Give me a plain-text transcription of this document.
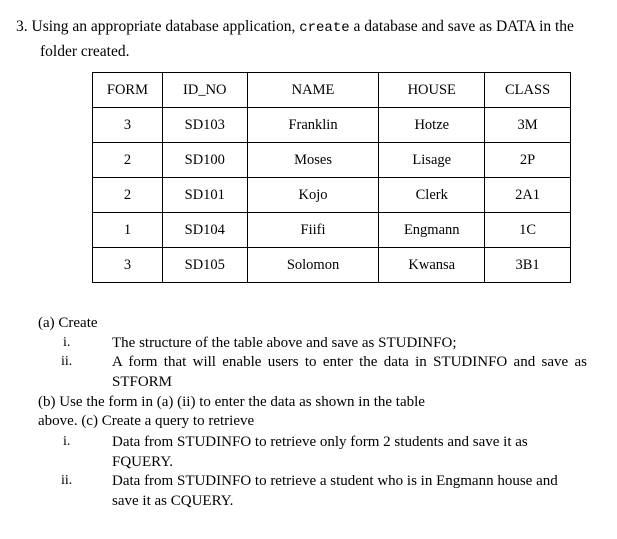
3. Using an appropriate database application, create a database and save as DATA in the
folder created.
FORM	ID_NO	NAME	HOUSE	CLASS
3	SD103	Franklin	Hotze	3M
2	SD100	Moses	Lisage	2P
2	SD101	Kojo	Clerk	2A1
1	SD104	Fiifi	Engmann	1C
3	SD105	Solomon	Kwansa	3B1
(a) Create
i.	The structure of the table above and save as STUDINFO;
ii.	A form that will enable users to enter the data in STUDINFO and save as STFORM
(b) Use the form in (a) (ii) to enter the data as shown in the table
above. (c) Create a query to retrieve
i.	Data from STUDINFO to retrieve only form 2 students and save it as FQUERY.
ii.	Data from STUDINFO to retrieve a student who is in Engmann house and save it as CQUERY.
